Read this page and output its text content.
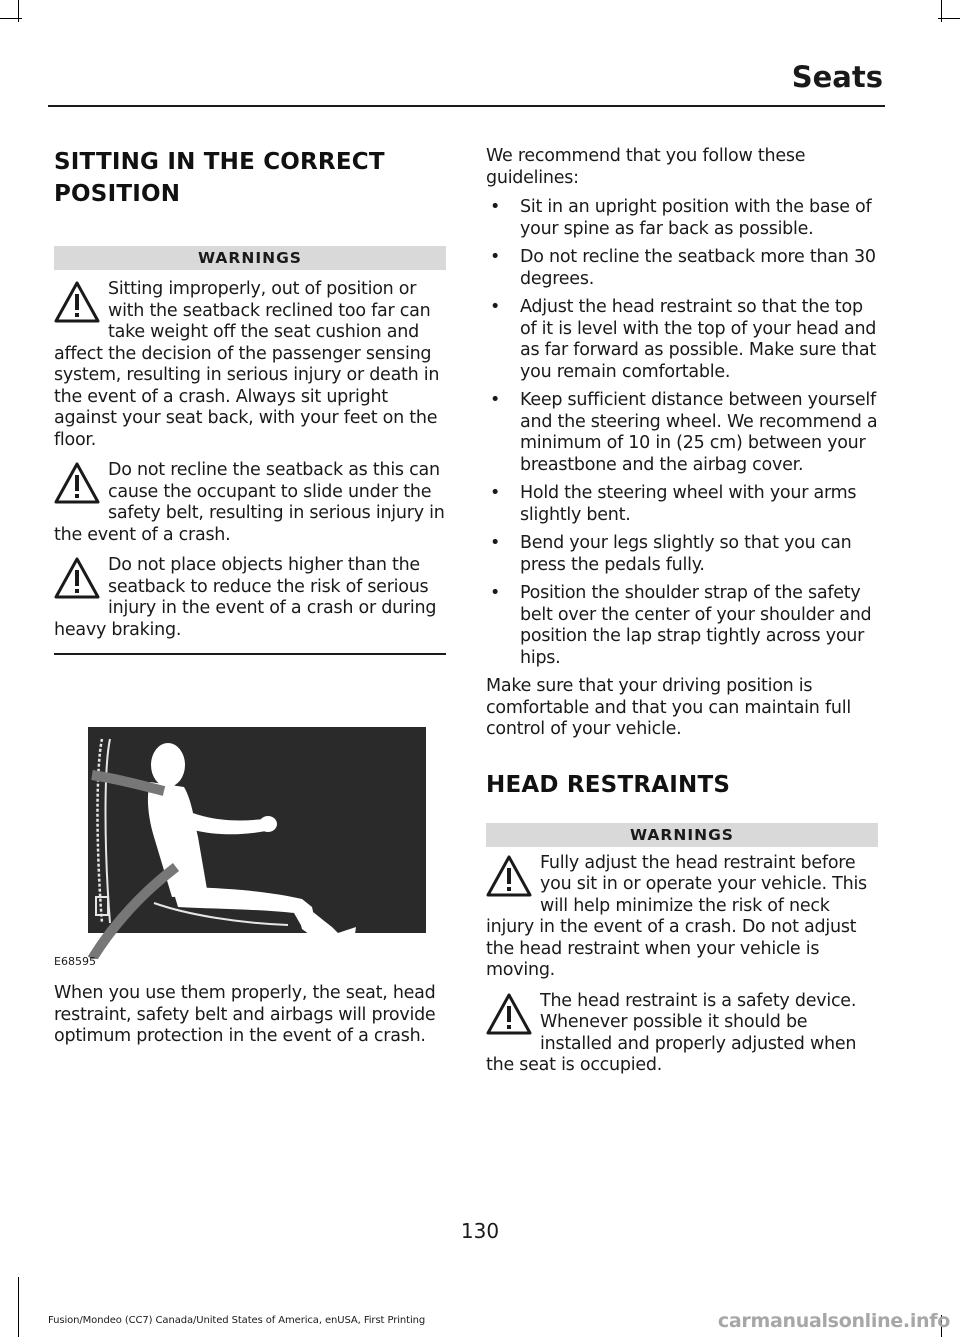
Seats
SITTING IN THE CORRECT POSITION
WARNINGS
Sitting improperly, out of position or with the seatback reclined too far can take weight off the seat cushion and affect the decision of the passenger sensing system, resulting in serious injury or death in the event of a crash. Always sit upright against your seat back, with your feet on the floor.
Do not recline the seatback as this can cause the occupant to slide under the safety belt, resulting in serious injury in the event of a crash.
Do not place objects higher than the seatback to reduce the risk of serious injury in the event of a crash or during heavy braking.
E68595

When you use them properly, the seat, head restraint, safety belt and airbags will provide optimum protection in the event of a crash.

We recommend that you follow these guidelines:

• Sit in an upright position with the base of your spine as far back as possible.
• Do not recline the seatback more than 30 degrees.
• Adjust the head restraint so that the top of it is level with the top of your head and as far forward as possible. Make sure that you remain comfortable.
• Keep sufficient distance between yourself and the steering wheel. We recommend a minimum of 10 in (25 cm) between your breastbone and the airbag cover.
• Hold the steering wheel with your arms slightly bent.
• Bend your legs slightly so that you can press the pedals fully.
• Position the shoulder strap of the safety belt over the center of your shoulder and position the lap strap tightly across your hips.

Make sure that your driving position is comfortable and that you can maintain full control of your vehicle.

HEAD RESTRAINTS
WARNINGS
Fully adjust the head restraint before you sit in or operate your vehicle. This will help minimize the risk of neck injury in the event of a crash. Do not adjust the head restraint when your vehicle is moving.
The head restraint is a safety device. Whenever possible it should be installed and properly adjusted when the seat is occupied.
130
Fusion/Mondeo (CC7) Canada/United States of America, enUSA, First Printing	carmanualsonline.info
